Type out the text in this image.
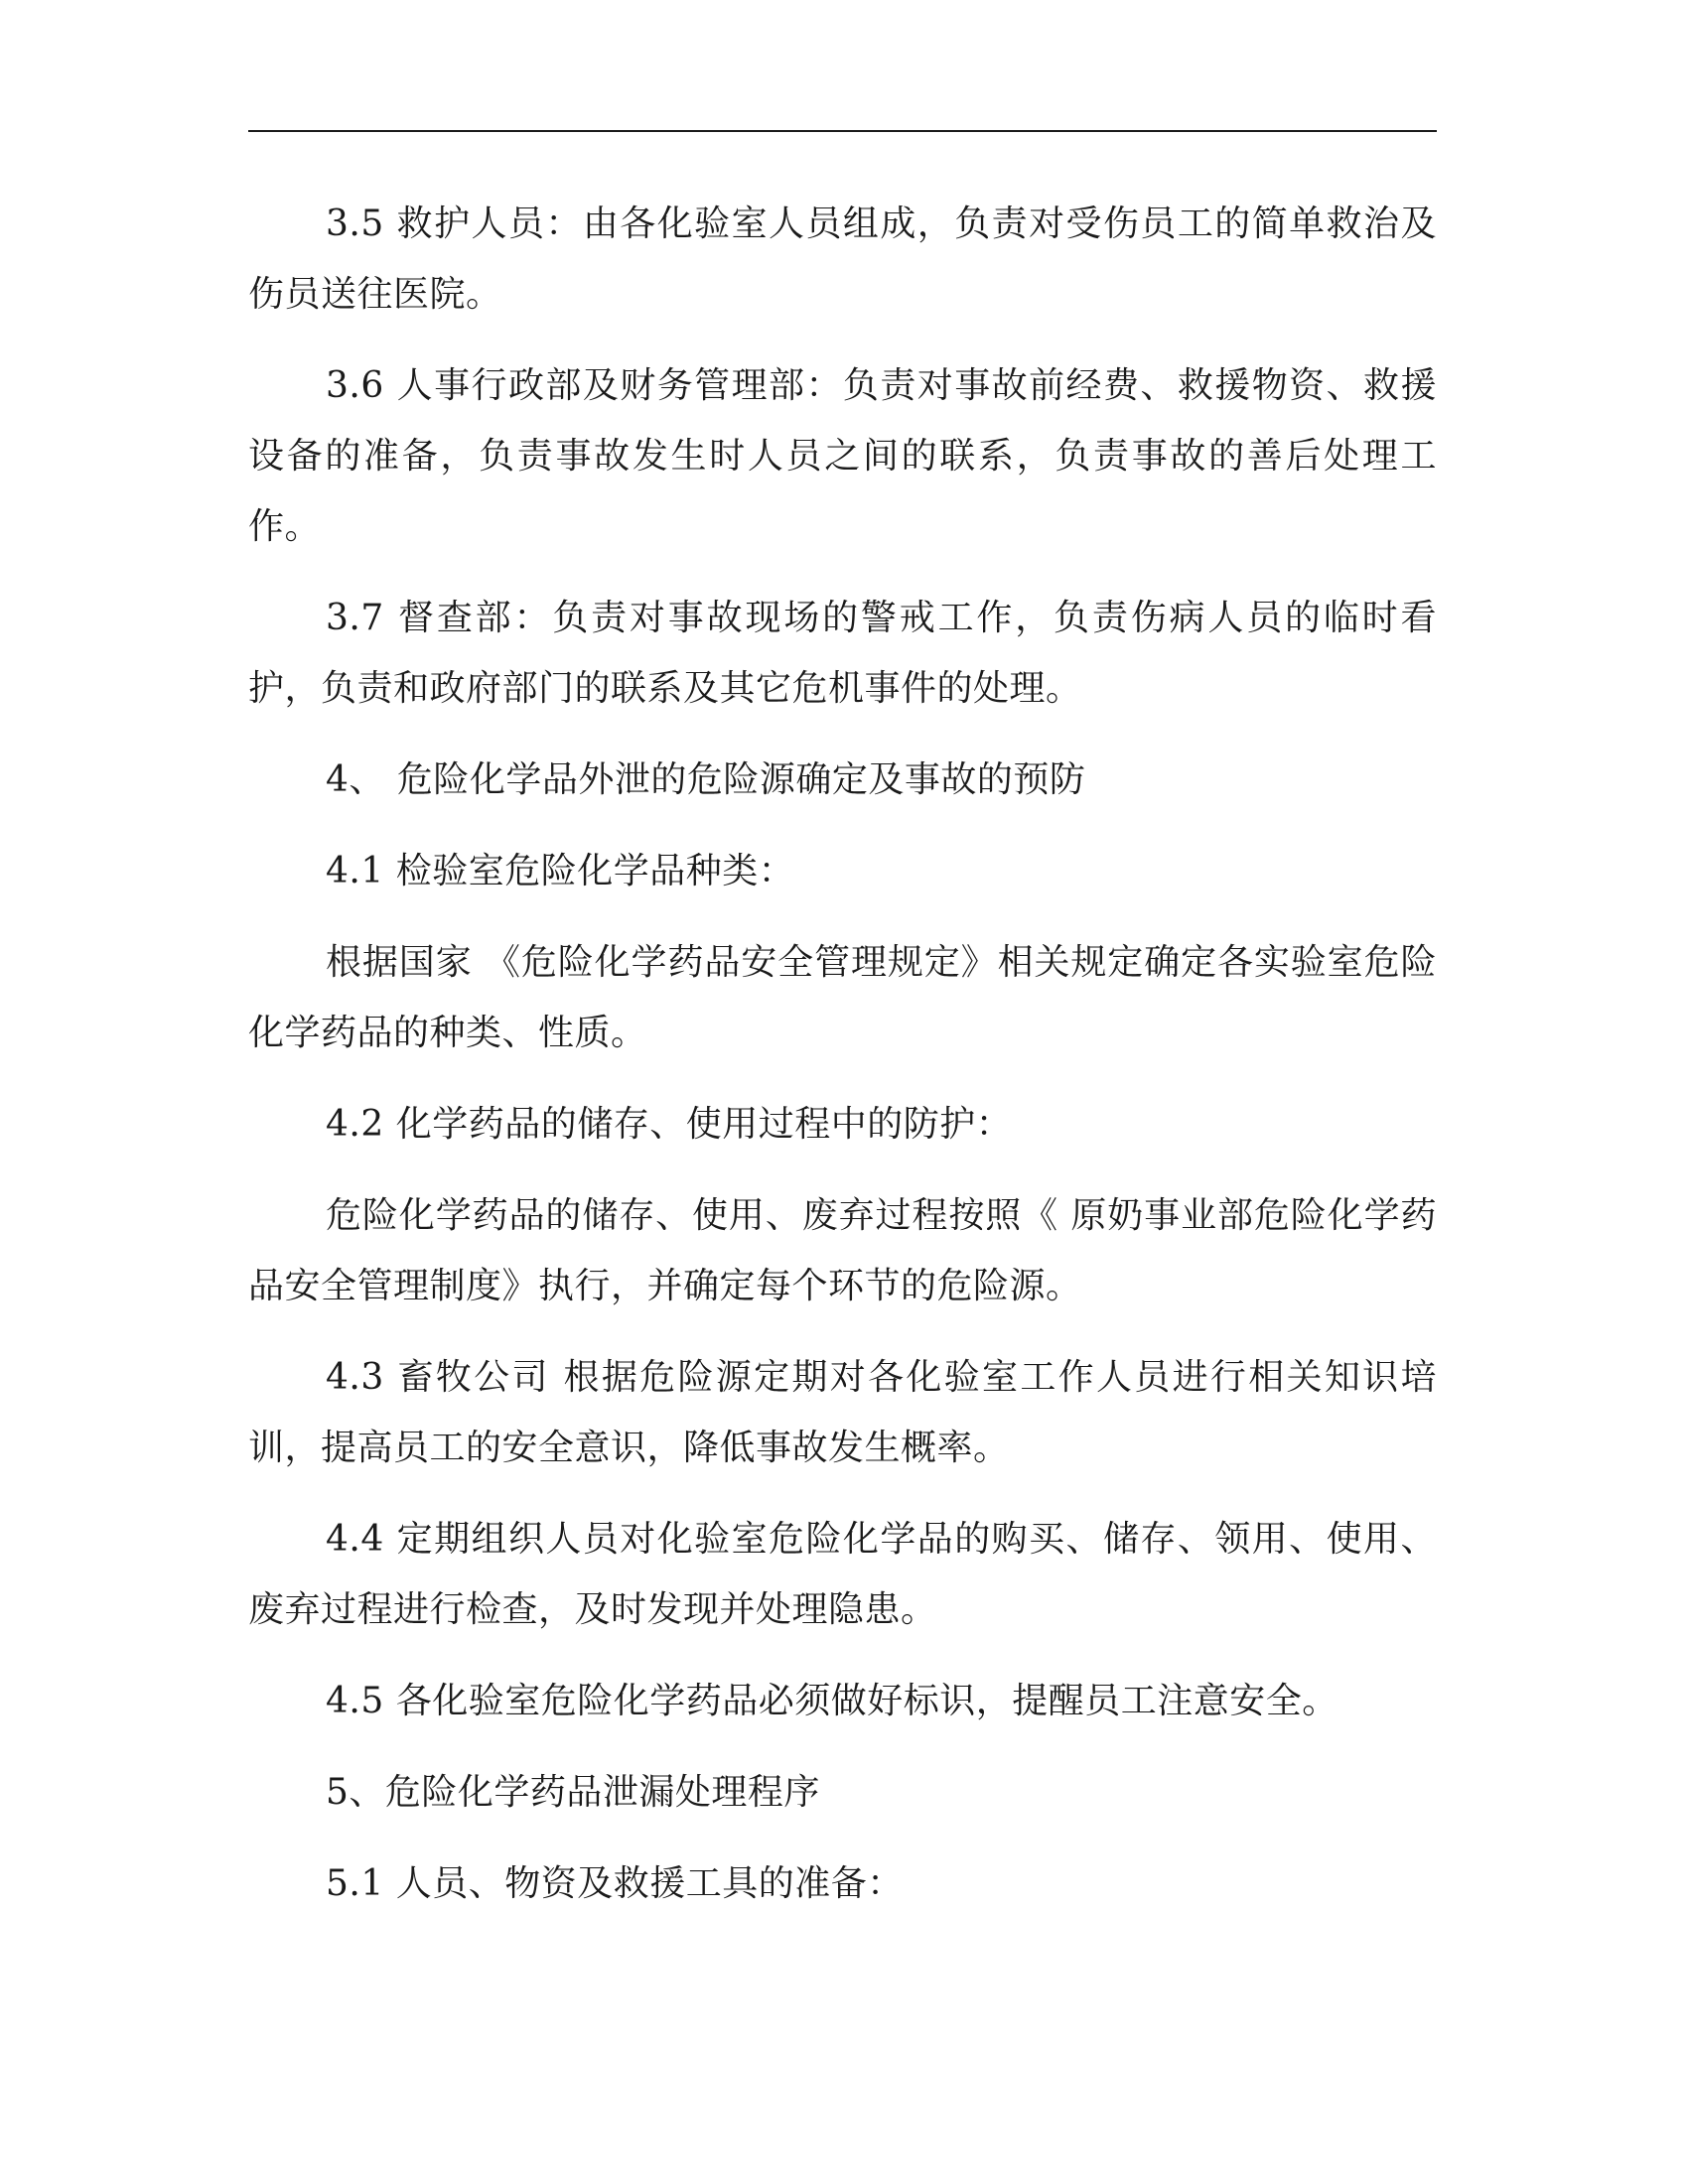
3.5 救护人员：由各化验室人员组成，负责对受伤员工的简单救治及伤员送往医院。

3.6 人事行政部及财务管理部：负责对事故前经费、救援物资、救援设备的准备，负责事故发生时人员之间的联系，负责事故的善后处理工作。

3.7 督查部：负责对事故现场的警戒工作，负责伤病人员的临时看护，负责和政府部门的联系及其它危机事件的处理。

4、 危险化学品外泄的危险源确定及事故的预防

4.1 检验室危险化学品种类：

根据国家 《危险化学药品安全管理规定》相关规定确定各实验室危险化学药品的种类、性质。

4.2 化学药品的储存、使用过程中的防护：

危险化学药品的储存、使用、废弃过程按照《 原奶事业部危险化学药品安全管理制度》执行，并确定每个环节的危险源。

4.3 畜牧公司 根据危险源定期对各化验室工作人员进行相关知识培训，提高员工的安全意识，降低事故发生概率。

4.4 定期组织人员对化验室危险化学品的购买、储存、领用、使用、废弃过程进行检查，及时发现并处理隐患。

4.5 各化验室危险化学药品必须做好标识，提醒员工注意安全。

5、危险化学药品泄漏处理程序

5.1 人员、物资及救援工具的准备：
